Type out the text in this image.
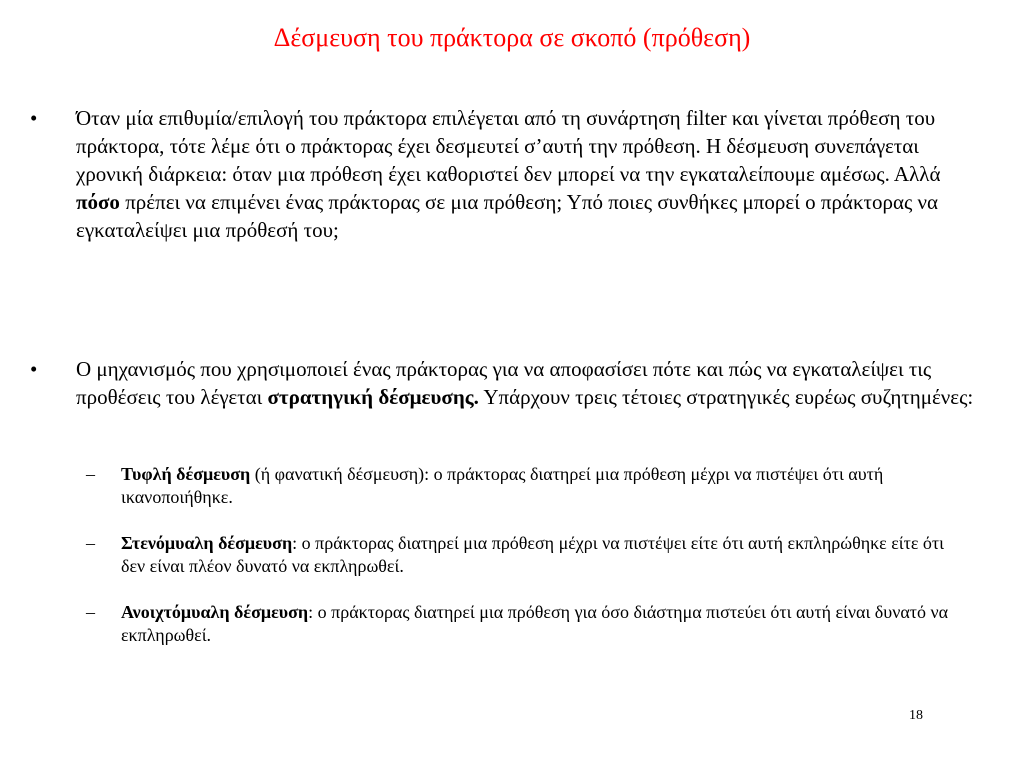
Δέσμευση του πράκτορα σε σκοπό (πρόθεση)
• Όταν μία επιθυμία/επιλογή του πράκτορα επιλέγεται από τη συνάρτηση filter και γίνεται πρόθεση του πράκτορα, τότε λέμε ότι ο πράκτορας έχει δεσμευτεί σ’αυτή την πρόθεση. Η δέσμευση συνεπάγεται χρονική διάρκεια: όταν μια πρόθεση έχει καθοριστεί δεν μπορεί να την εγκαταλείπουμε αμέσως. Αλλά πόσο πρέπει να επιμένει ένας πράκτορας σε μια πρόθεση; Υπό ποιες συνθήκες μπορεί ο πράκτορας να εγκαταλείψει μια πρόθεσή του;
• Ο μηχανισμός που χρησιμοποιεί ένας πράκτορας για να αποφασίσει πότε και πώς να εγκαταλείψει τις προθέσεις του λέγεται στρατηγική δέσμευσης. Υπάρχουν τρεις τέτοιες στρατηγικές ευρέως συζητημένες:
– Τυφλή δέσμευση (ή φανατική δέσμευση): ο πράκτορας διατηρεί μια πρόθεση μέχρι να πιστέψει ότι αυτή ικανοποιήθηκε.
– Στενόμυαλη δέσμευση: ο πράκτορας διατηρεί μια πρόθεση μέχρι να πιστέψει είτε ότι αυτή εκπληρώθηκε είτε ότι δεν είναι πλέον δυνατό να εκπληρωθεί.
– Ανοιχτόμυαλη δέσμευση: ο πράκτορας διατηρεί μια πρόθεση για όσο διάστημα πιστεύει ότι αυτή είναι δυνατό να εκπληρωθεί.
18
